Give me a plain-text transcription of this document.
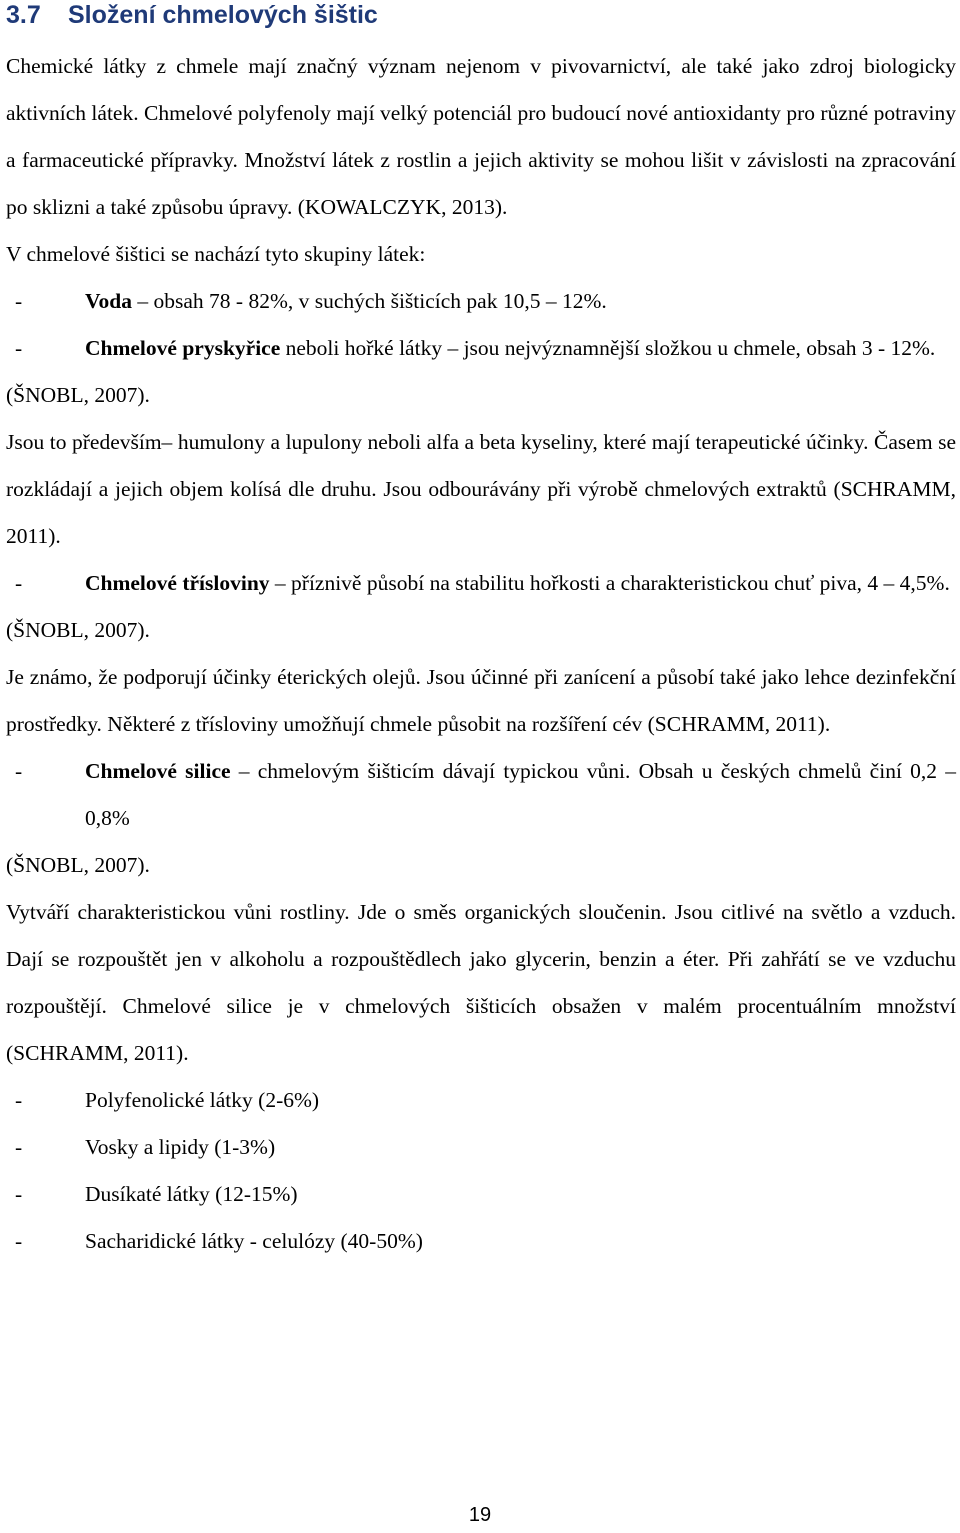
3.7 Složení chmelových šištic

Chemické látky z chmele mají značný význam nejenom v pivovarnictví, ale také jako zdroj biologicky aktivních látek. Chmelové polyfenoly mají velký potenciál pro budoucí nové antioxidanty pro různé potraviny a farmaceutické přípravky. Množství látek z rostlin a jejich aktivity se mohou lišit v závislosti na zpracování po sklizni a také způsobu úpravy. (KOWALCZYK, 2013).

V chmelové šištici se nachází tyto skupiny látek:

-	Voda – obsah 78 - 82%, v suchých šišticích pak 10,5 – 12%.
-	Chmelové pryskyřice neboli hořké látky – jsou nejvýznamnější složkou u chmele, obsah 3 - 12%.

(ŠNOBL, 2007).

Jsou to především– humulony a lupulony neboli alfa a beta kyseliny, které mají terapeutické účinky. Časem se rozkládají a jejich objem kolísá dle druhu. Jsou odbourávány při výrobě chmelových extraktů (SCHRAMM, 2011).

-	Chmelové třísloviny – příznivě působí na stabilitu hořkosti a charakteristickou chuť piva, 4 – 4,5%.

(ŠNOBL, 2007).

Je známo, že podporují účinky éterických olejů. Jsou účinné při zanícení a působí také jako lehce dezinfekční prostředky. Některé z třísloviny umožňují chmele působit na rozšíření cév (SCHRAMM, 2011).

-	Chmelové silice – chmelovým šišticím dávají typickou vůni. Obsah u českých chmelů činí 0,2 – 0,8%

(ŠNOBL, 2007).

Vytváří charakteristickou vůni rostliny. Jde o směs organických sloučenin. Jsou citlivé na světlo a vzduch. Dají se rozpouštět jen v alkoholu a rozpouštědlech jako glycerin, benzin a éter. Při zahřátí se ve vzduchu rozpouštějí. Chmelové silice je v chmelových šišticích obsažen v malém procentuálním množství (SCHRAMM, 2011).

-	Polyfenolické látky (2-6%)
-	Vosky a lipidy (1-3%)
-	Dusíkaté látky (12-15%)
-	Sacharidické látky - celulózy (40-50%)
19
